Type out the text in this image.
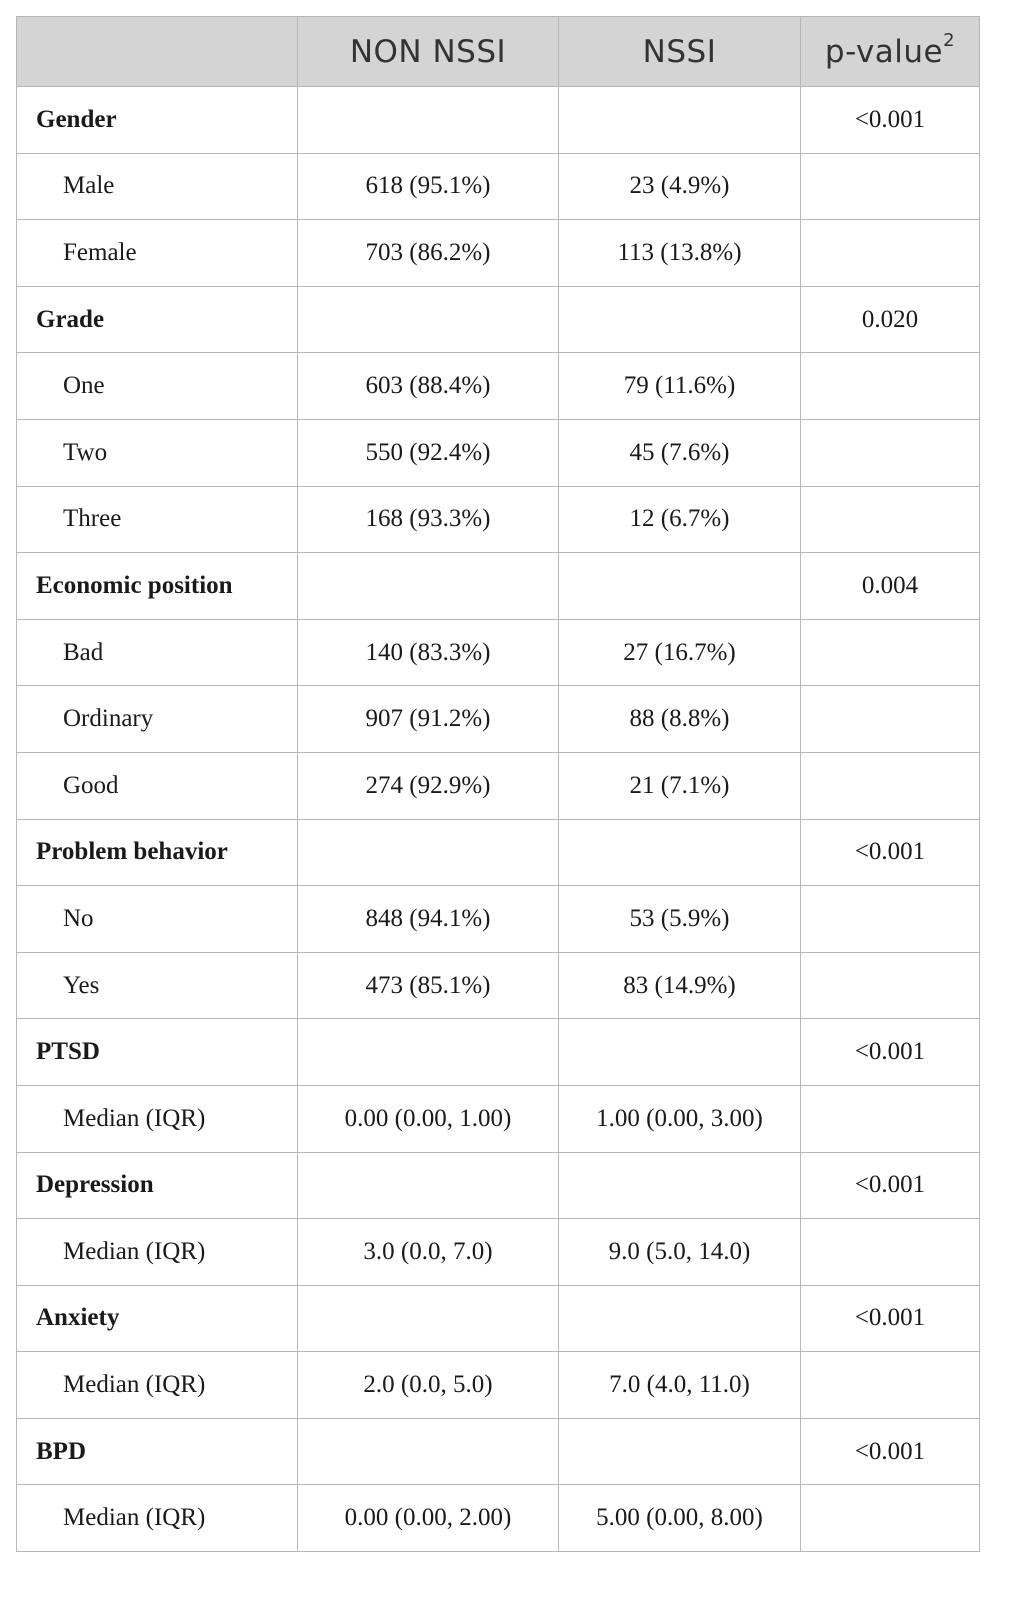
	NON NSSI	NSSI	p-value$^2$
Gender			<0.001
Male	618 (95.1%)	23 (4.9%)	
Female	703 (86.2%)	113 (13.8%)	
Grade			0.020
One	603 (88.4%)	79 (11.6%)	
Two	550 (92.4%)	45 (7.6%)	
Three	168 (93.3%)	12 (6.7%)	
Economic position			0.004
Bad	140 (83.3%)	27 (16.7%)	
Ordinary	907 (91.2%)	88 (8.8%)	
Good	274 (92.9%)	21 (7.1%)	
Problem behavior			<0.001
No	848 (94.1%)	53 (5.9%)	
Yes	473 (85.1%)	83 (14.9%)	
PTSD			<0.001
Median (IQR)	0.00 (0.00, 1.00)	1.00 (0.00, 3.00)	
Depression			<0.001
Median (IQR)	3.0 (0.0, 7.0)	9.0 (5.0, 14.0)	
Anxiety			<0.001
Median (IQR)	2.0 (0.0, 5.0)	7.0 (4.0, 11.0)	
BPD			<0.001
Median (IQR)	0.00 (0.00, 2.00)	5.00 (0.00, 8.00)	
